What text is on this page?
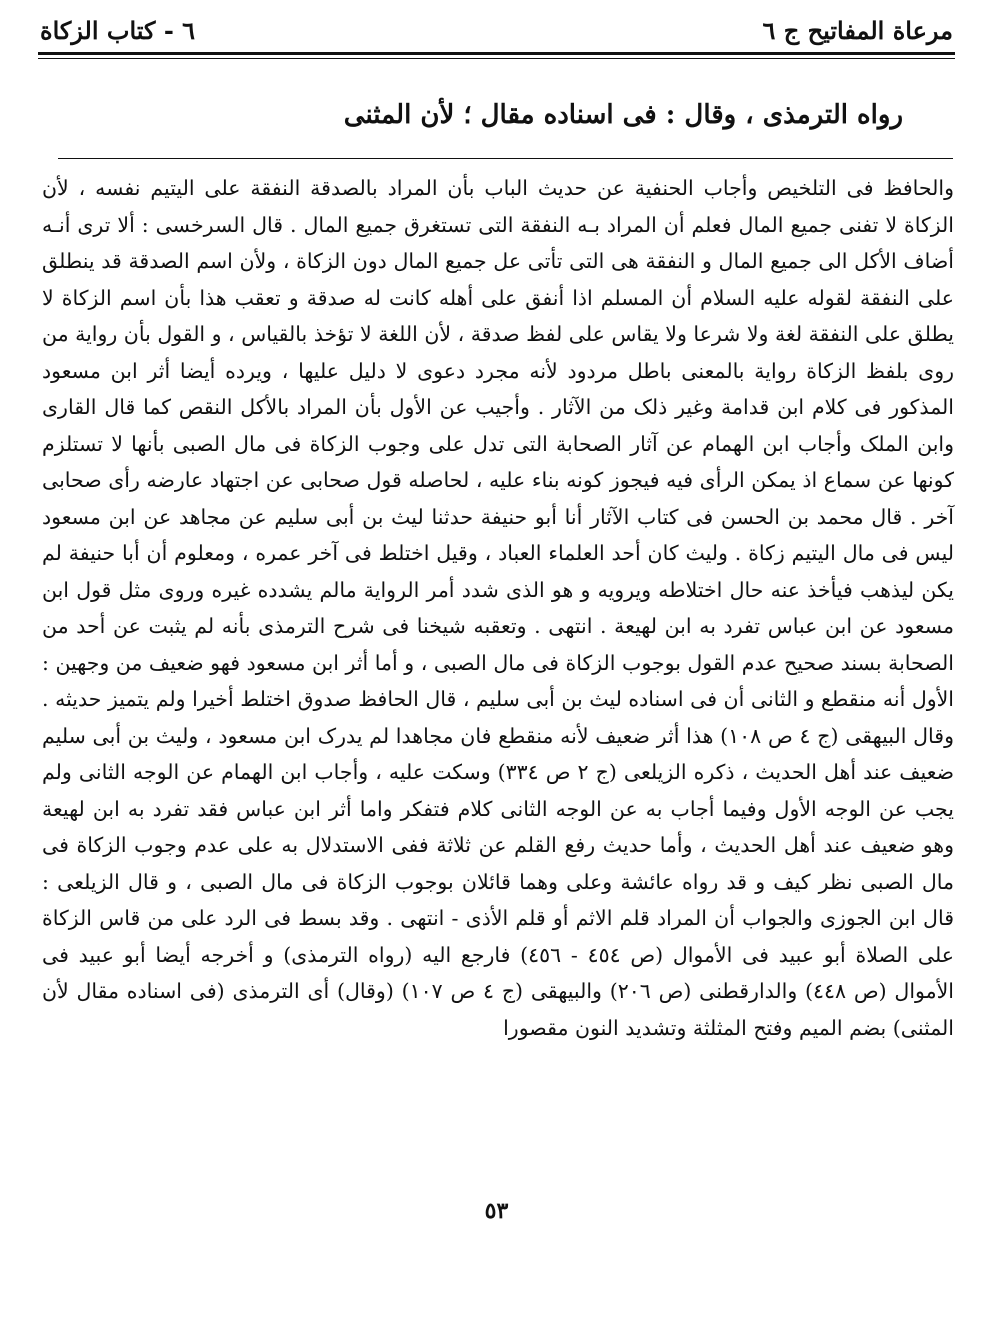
مرعاة المفاتيح ج ٦
٦ - كتاب الزكاة
رواه الترمذی ، وقال : فی اسناده مقال ؛ لأن المثنی

والحافظ فی التلخیص وأجاب الحنفیة عن حدیث الباب بأن المراد بالصدقة النفقة علی الیتیم نفسه ، لأن الزکاة لا تفنی جمیع المال فعلم أن المراد بـه النفقة التی تستغرق جمیع المال . قال السرخسی : ألا تری أنـه أضاف الأکل الی جمیع المال و النفقة هی التی تأتی عل جمیع المال دون الزکاة ، ولأن اسم الصدقة قد ینطلق علی النفقة لقوله علیه السلام أن المسلم اذا أنفق علی أهله کانت له صدقة و تعقب هذا بأن اسم الزکاة لا یطلق علی النفقة لغة ولا شرعا ولا یقاس علی لفظ صدقة ، لأن اللغة لا تؤخذ بالقیاس ، و القول بأن روایة من روی بلفظ الزکاة روایة بالمعنی باطل مردود لأنه مجرد دعوی لا دلیل علیها ، ویرده أیضا أثر ابن مسعود المذکور فی کلام ابن قدامة وغیر ذلک من الآثار . وأجیب عن الأول بأن المراد بالأکل النقص کما قال القاری وابن الملک وأجاب ابن الهمام عن آثار الصحابة التی تدل علی وجوب الزکاة فی مال الصبی بأنها لا تستلزم کونها عن سماع اذ یمکن الرأی فیه فیجوز کونه بناء علیه ، لحاصله قول صحابی عن اجتهاد عارضه رأی صحابی آخر . قال محمد بن الحسن فی کتاب الآثار أنا أبو حنیفة حدثنا لیث بن أبی سلیم عن مجاهد عن ابن مسعود لیس فی مال الیتیم زکاة . ولیث کان أحد العلماء العباد ، وقیل اختلط فی آخر عمره ، ومعلوم أن أبا حنیفة لم یکن لیذهب فیأخذ عنه حال اختلاطه ویرویه و هو الذی شدد أمر الروایة مالم یشدده غیره وروی مثل قول ابن مسعود عن ابن عباس تفرد به ابن لهیعة . انتهی . وتعقبه شیخنا فی شرح الترمذی بأنه لم یثبت عن أحد من الصحابة بسند صحیح عدم القول بوجوب الزکاة فی مال الصبی ، و أما أثر ابن مسعود فهو ضعیف من وجهین : الأول أنه منقطع و الثانی أن فی اسناده لیث بن أبی سلیم ، قال الحافظ صدوق اختلط أخیرا ولم یتمیز حدیثه . وقال البیهقی (ج ٤ ص ١٠٨) هذا أثر ضعیف لأنه منقطع فان مجاهدا لم یدرک ابن مسعود ، ولیث بن أبی سلیم ضعیف عند أهل الحدیث ، ذکره الزیلعی (ج ٢ ص ٣٣٤) وسکت علیه ، وأجاب ابن الهمام عن الوجه الثانی ولم یجب عن الوجه الأول وفیما أجاب به عن الوجه الثانی کلام فتفکر واما أثر ابن عباس فقد تفرد به ابن لهیعة وهو ضعیف عند أهل الحدیث ، وأما حدیث رفع القلم عن ثلاثة ففی الاستدلال به علی عدم وجوب الزکاة فی مال الصبی نظر کیف و قد رواه عائشة وعلی وهما قائلان بوجوب الزکاة فی مال الصبی ، و قال الزیلعی : قال ابن الجوزی والجواب أن المراد قلم الاثم أو قلم الأذی - انتهی . وقد بسط فی الرد علی من قاس الزکاة علی الصلاة أبو عبید فی الأموال (ص ٤٥٤ - ٤٥٦) فارجع الیه (رواه الترمذی) و أخرجه أیضا أبو عبید فی الأموال (ص ٤٤٨) والدارقطنی (ص ٢٠٦) والبیهقی (ج ٤ ص ١٠٧) (وقال) أی الترمذی (فی اسناده مقال لأن المثنی) بضم المیم وفتح المثلثة وتشدید النون مقصورا

٥٣
